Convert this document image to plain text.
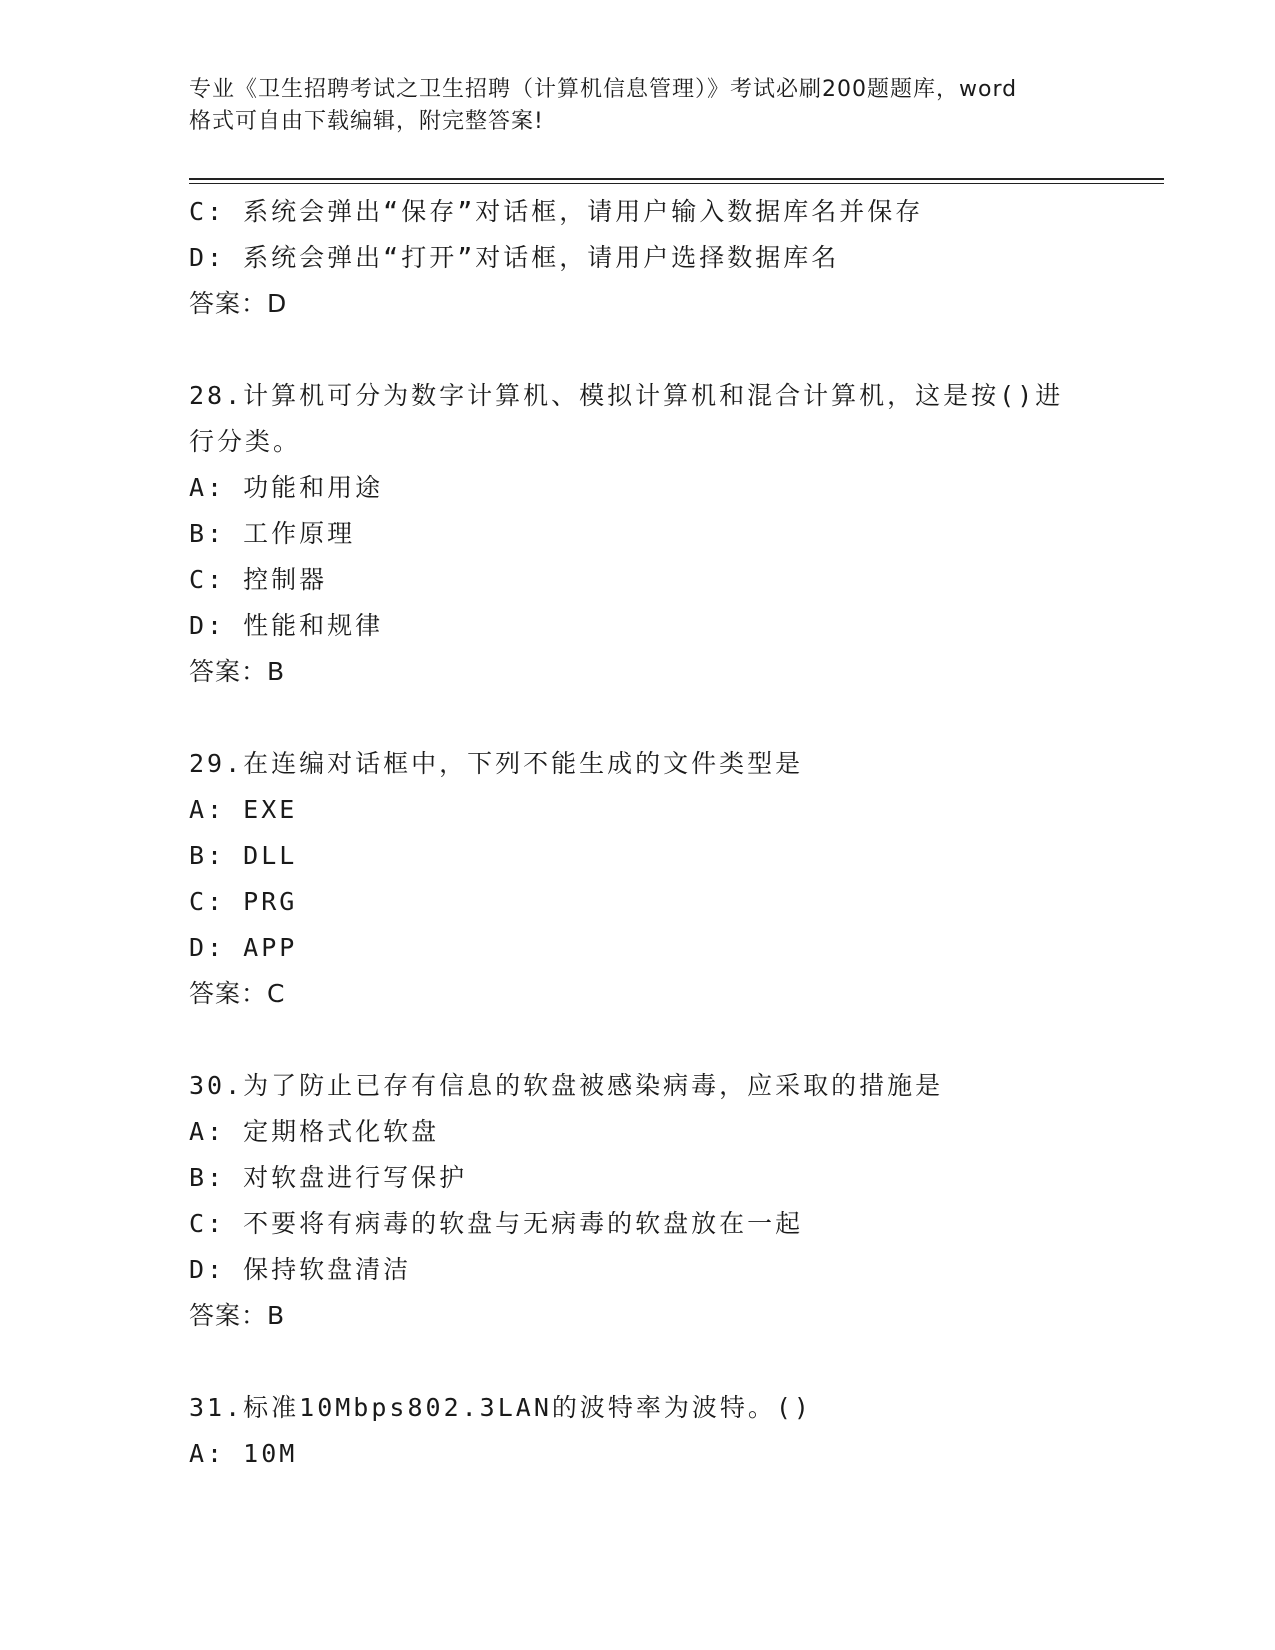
专业《卫生招聘考试之卫生招聘（计算机信息管理）》考试必刷200题题库，word
格式可自由下载编辑，附完整答案!
C: 系统会弹出“保存”对话框，请用户输入数据库名并保存
D: 系统会弹出“打开”对话框，请用户选择数据库名
答案：D
28.计算机可分为数字计算机、模拟计算机和混合计算机，这是按()进行分类。
A: 功能和用途
B: 工作原理
C: 控制器
D: 性能和规律
答案：B
29.在连编对话框中，下列不能生成的文件类型是
A: EXE
B: DLL
C: PRG
D: APP
答案：C
30.为了防止已存有信息的软盘被感染病毒，应采取的措施是
A: 定期格式化软盘
B: 对软盘进行写保护
C: 不要将有病毒的软盘与无病毒的软盘放在一起
D: 保持软盘清洁
答案：B
31.标准10Mbps802.3LAN的波特率为波特。()
A: 10M
